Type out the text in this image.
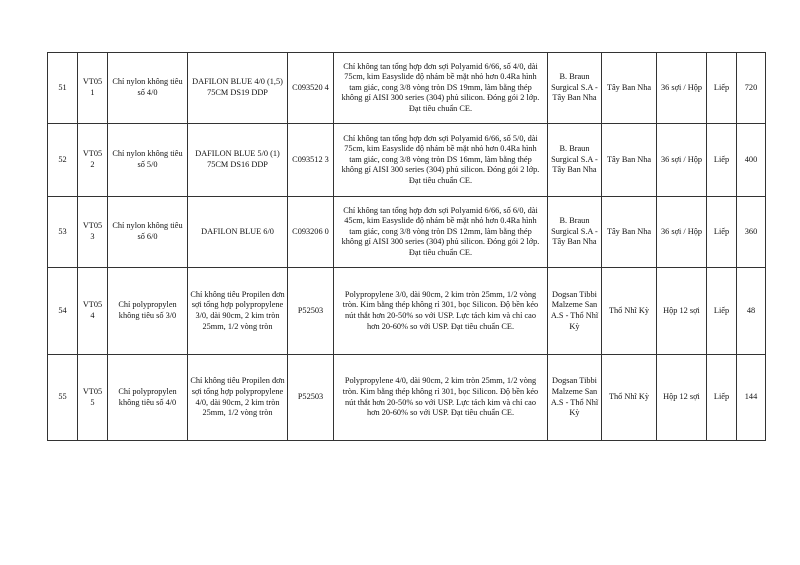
51	VT05 1	Chỉ nylon không tiêu số 4/0	DAFILON BLUE 4/0 (1,5) 75CM DS19 DDP	C093520 4	Chỉ không tan tổng hợp đơn sợi Polyamid 6/66, số 4/0, dài 75cm, kim Easyslide độ nhám bề mặt nhỏ hơn 0.4Ra hình tam giác, cong 3/8 vòng tròn DS 19mm, làm bằng thép không gỉ AISI 300 series (304) phủ silicon. Đóng gói 2 lớp. Đạt tiêu chuẩn CE.	B. Braun Surgical S.A - Tây Ban Nha	Tây Ban Nha	36 sợi / Hộp	Liếp	720
52	VT05 2	Chỉ nylon không tiêu số 5/0	DAFILON BLUE 5/0 (1) 75CM DS16 DDP	C093512 3	Chỉ không tan tổng hợp đơn sợi Polyamid 6/66, số 5/0, dài 75cm, kim Easyslide độ nhám bề mặt nhỏ hơn 0.4Ra hình tam giác, cong 3/8 vòng tròn DS 16mm, làm bằng thép không gỉ AISI 300 series (304) phủ silicon. Đóng gói 2 lớp. Đạt tiêu chuẩn CE.	B. Braun Surgical S.A - Tây Ban Nha	Tây Ban Nha	36 sợi / Hộp	Liếp	400
53	VT05 3	Chỉ nylon không tiêu số 6/0	DAFILON BLUE 6/0	C093206 0	Chỉ không tan tổng hợp đơn sợi Polyamid 6/66, số 6/0, dài 45cm, kim Easyslide độ nhám bề mặt nhỏ hơn 0.4Ra hình tam giác, cong 3/8 vòng tròn DS 12mm, làm bằng thép không gỉ AISI 300 series (304) phủ silicon. Đóng gói 2 lớp. Đạt tiêu chuẩn CE.	B. Braun Surgical S.A - Tây Ban Nha	Tây Ban Nha	36 sợi / Hộp	Liếp	360
54	VT05 4	Chỉ polypropylen không tiêu số 3/0	Chỉ không tiêu Propilen đơn sợi tổng hợp polypropylene 3/0, dài 90cm, 2 kim tròn 25mm, 1/2 vòng tròn	P52503	Polypropylene 3/0, dài 90cm, 2 kim tròn 25mm, 1/2 vòng tròn. Kim bằng thép không rỉ 301, bọc Silicon. Độ bền kéo nút thắt hơn 20-50% so với USP. Lực tách kim và chỉ cao hơn 20-60% so với USP. Đạt tiêu chuẩn CE.	Dogsan Tibbi Malzeme San A.S - Thổ Nhĩ Kỳ	Thổ Nhĩ Kỳ	Hộp 12 sợi	Liếp	48
55	VT05 5	Chỉ polypropylen không tiêu số 4/0	Chỉ không tiêu Propilen đơn sợi tổng hợp polypropylene 4/0, dài 90cm, 2 kim tròn 25mm, 1/2 vòng tròn	P52503	Polypropylene 4/0, dài 90cm, 2 kim tròn 25mm, 1/2 vòng tròn. Kim bằng thép không rỉ 301, bọc Silicon. Độ bền kéo nút thắt hơn 20-50% so với USP. Lực tách kim và chỉ cao hơn 20-60% so với USP. Đạt tiêu chuẩn CE.	Dogsan Tibbi Malzeme San A.S - Thổ Nhĩ Kỳ	Thổ Nhĩ Kỳ	Hộp 12 sợi	Liếp	144
